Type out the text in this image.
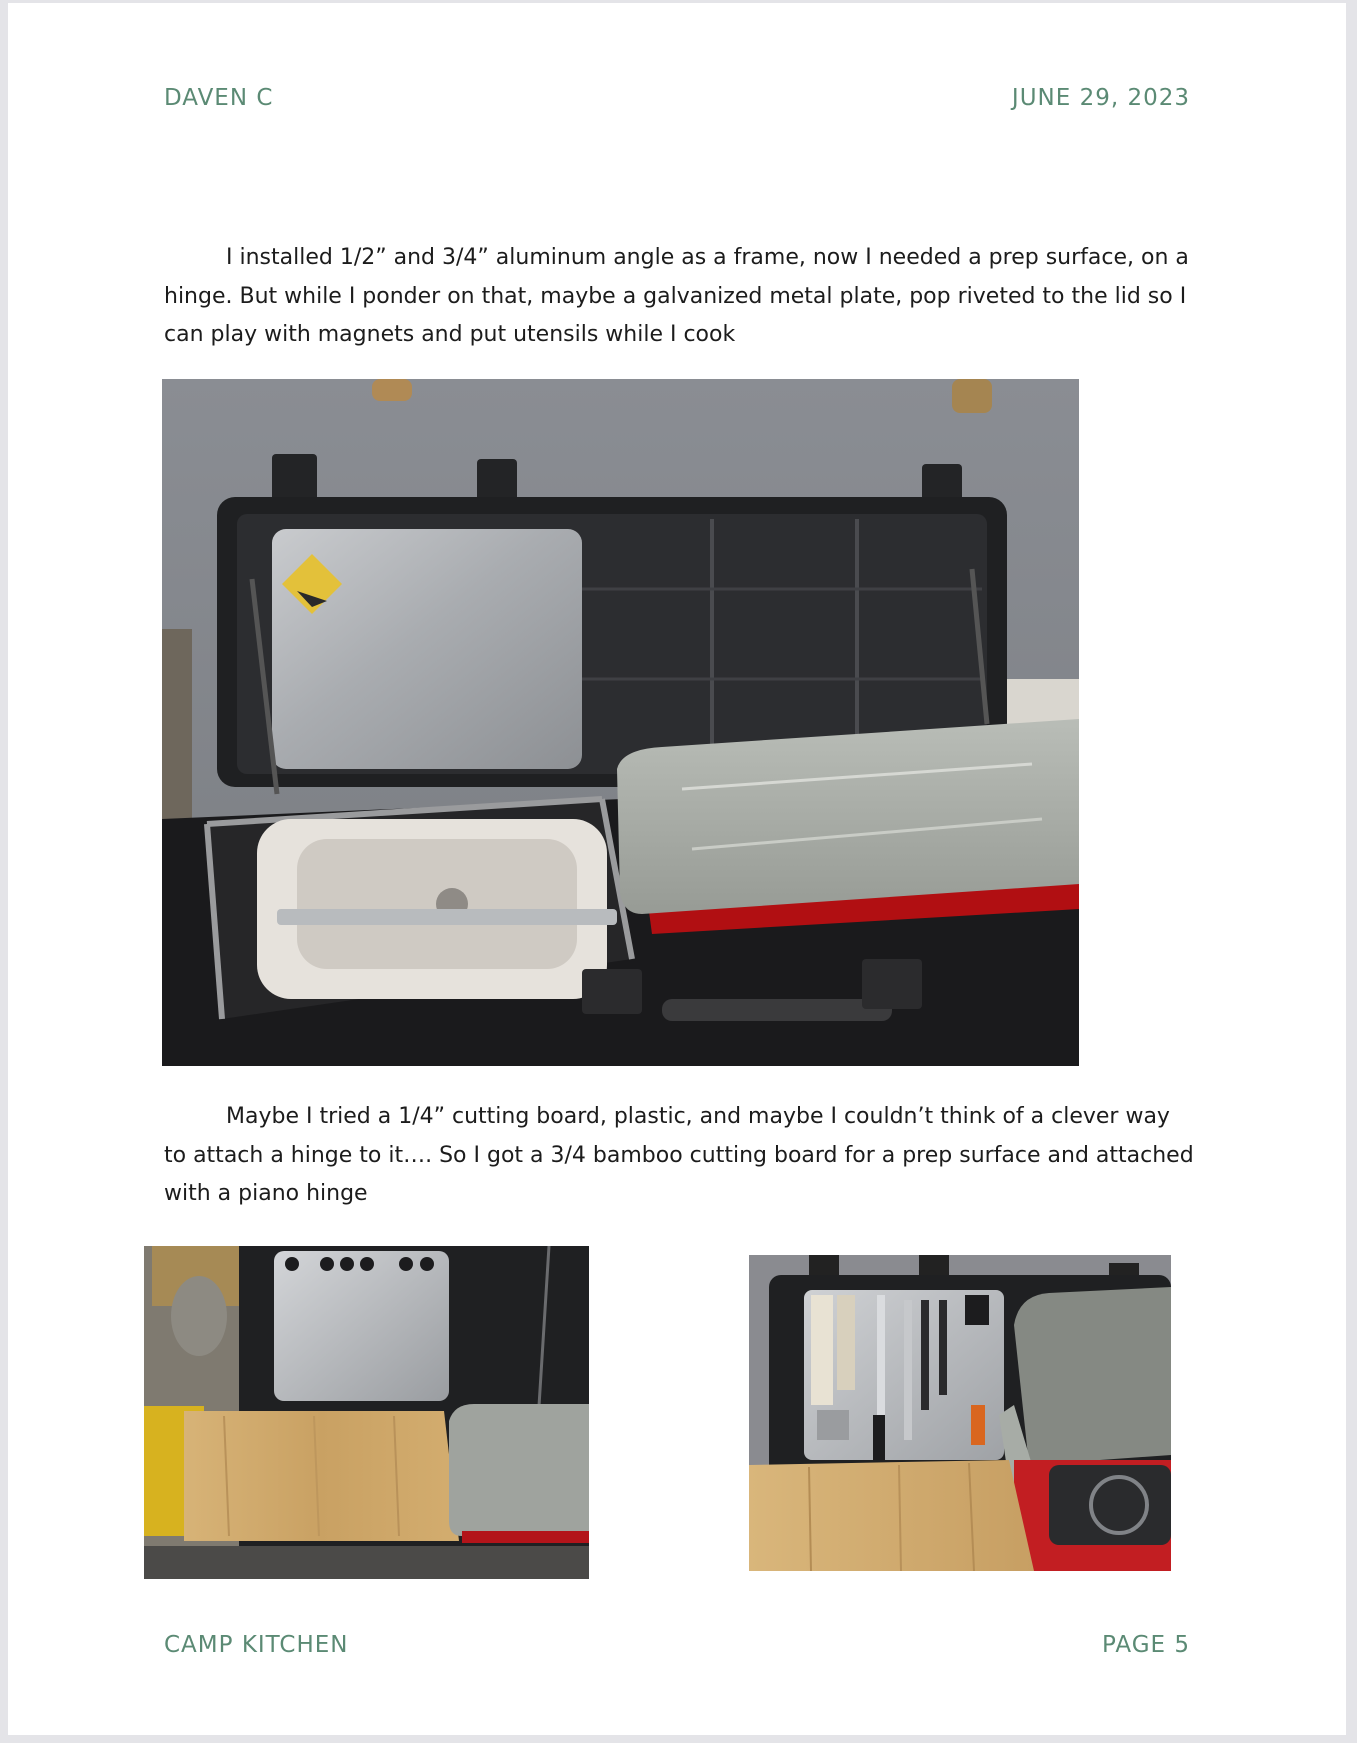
DAVEN C	JUNE 29, 2023

I installed 1/2” and 3/4” aluminum angle as a frame, now I needed a prep surface, on a hinge. But while I ponder on that, maybe a galvanized metal plate, pop riveted to the lid so I can play with magnets and put utensils while I cook

Maybe I tried a 1/4” cutting board, plastic, and maybe I couldn’t think of a clever way to attach a hinge to it…. So I got a 3/4 bamboo cutting board for a prep surface and attached with a piano hinge

CAMP KITCHEN	PAGE 5
